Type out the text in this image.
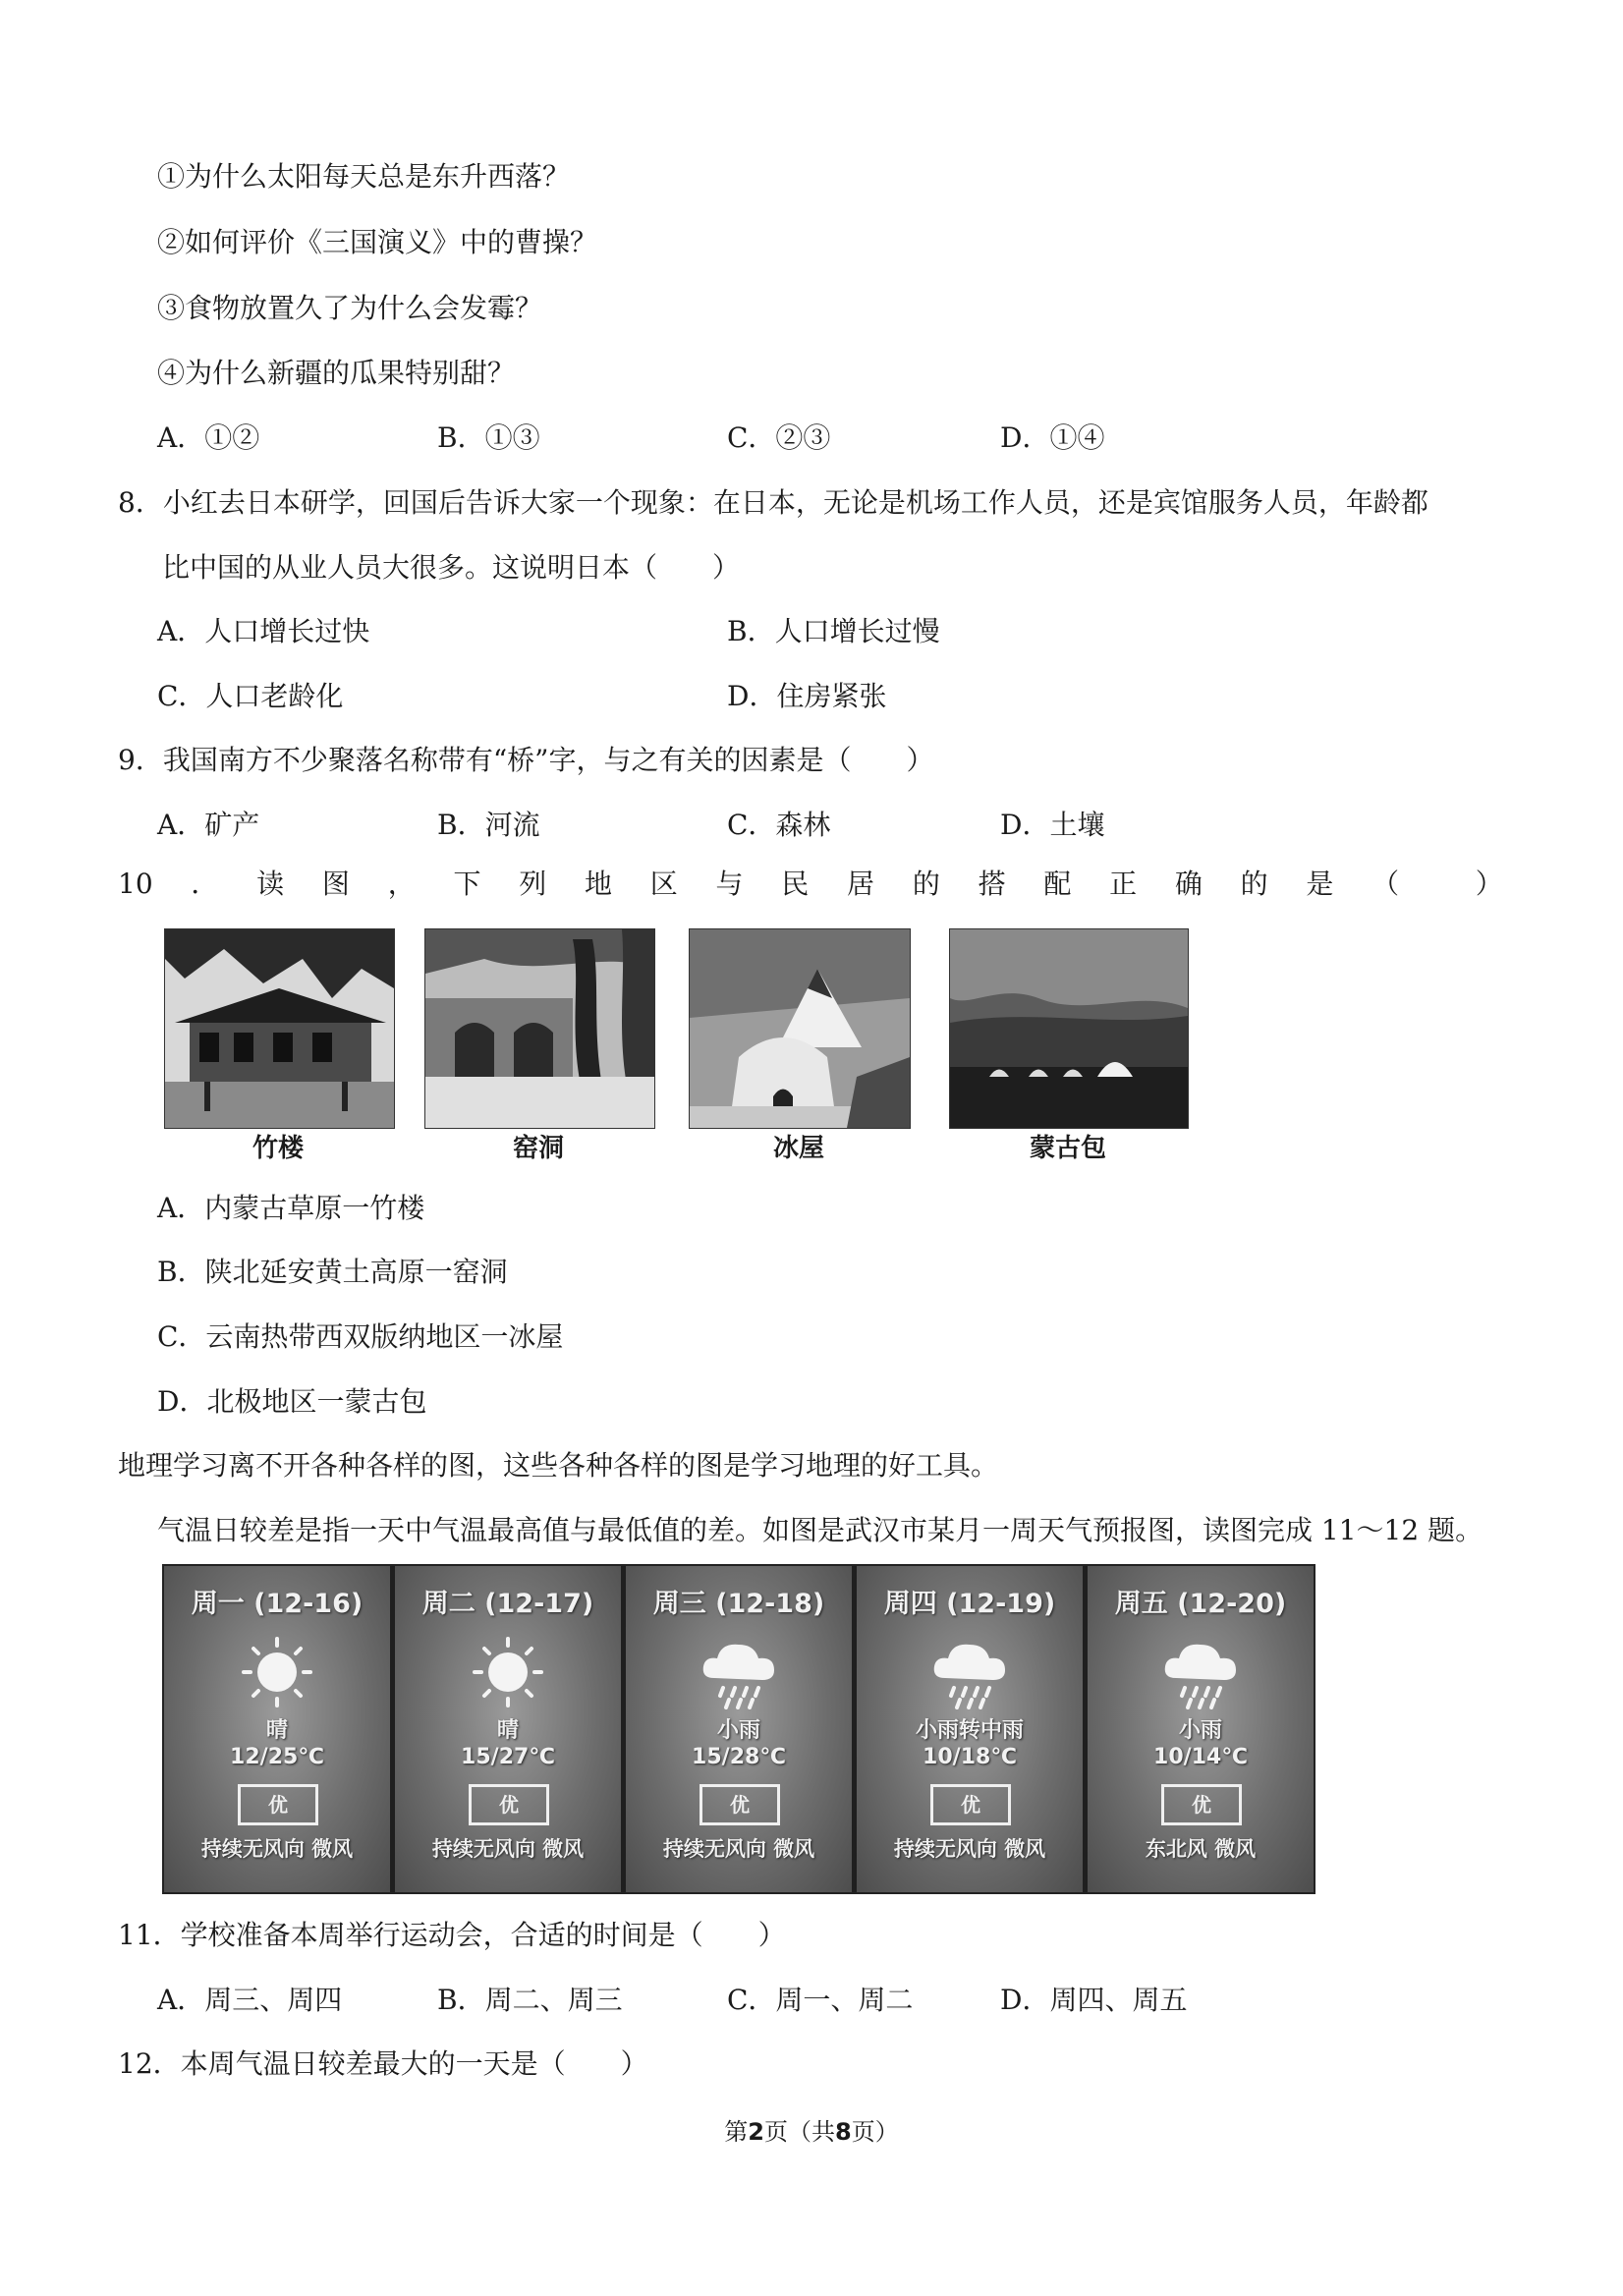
①为什么太阳每天总是东升西落？
②如何评价《三国演义》中的曹操？
③食物放置久了为什么会发霉？
④为什么新疆的瓜果特别甜？
A．①②	B．①③	C．②③	D．①④
8．小红去日本研学，回国后告诉大家一个现象：在日本，无论是机场工作人员，还是宾馆服务人员，年龄都
比中国的从业人员大很多。这说明日本（　　）
A．人口增长过快	B．人口增长过慢
C．人口老龄化	D．住房紧张
9．我国南方不少聚落名称带有“桥”字，与之有关的因素是（　　）
A．矿产	B．河流	C．森林	D．土壤
10 ． 读 图 ， 下 列 地 区 与 民 居 的 搭 配 正 确 的 是 （	）
竹楼	窑洞	冰屋	蒙古包
A．内蒙古草原一竹楼
B．陕北延安黄土高原一窑洞
C．云南热带西双版纳地区一冰屋
D．北极地区一蒙古包
地理学习离不开各种各样的图，这些各种各样的图是学习地理的好工具。
气温日较差是指一天中气温最高值与最低值的差。如图是武汉市某月一周天气预报图，读图完成 11～12 题。
周一 (12-16)
晴
12/25℃
优
持续无风向 微风
周二 (12-17)
晴
15/27℃
优
持续无风向 微风
周三 (12-18)
小雨
15/28℃
优
持续无风向 微风
周四 (12-19)
小雨转中雨
10/18℃
优
持续无风向 微风
周五 (12-20)
小雨
10/14℃
优
东北风 微风
11．学校准备本周举行运动会，合适的时间是（　　）
A．周三、周四	B．周二、周三	C．周一、周二	D．周四、周五
12．本周气温日较差最大的一天是（　　）
第2页（共8页）
